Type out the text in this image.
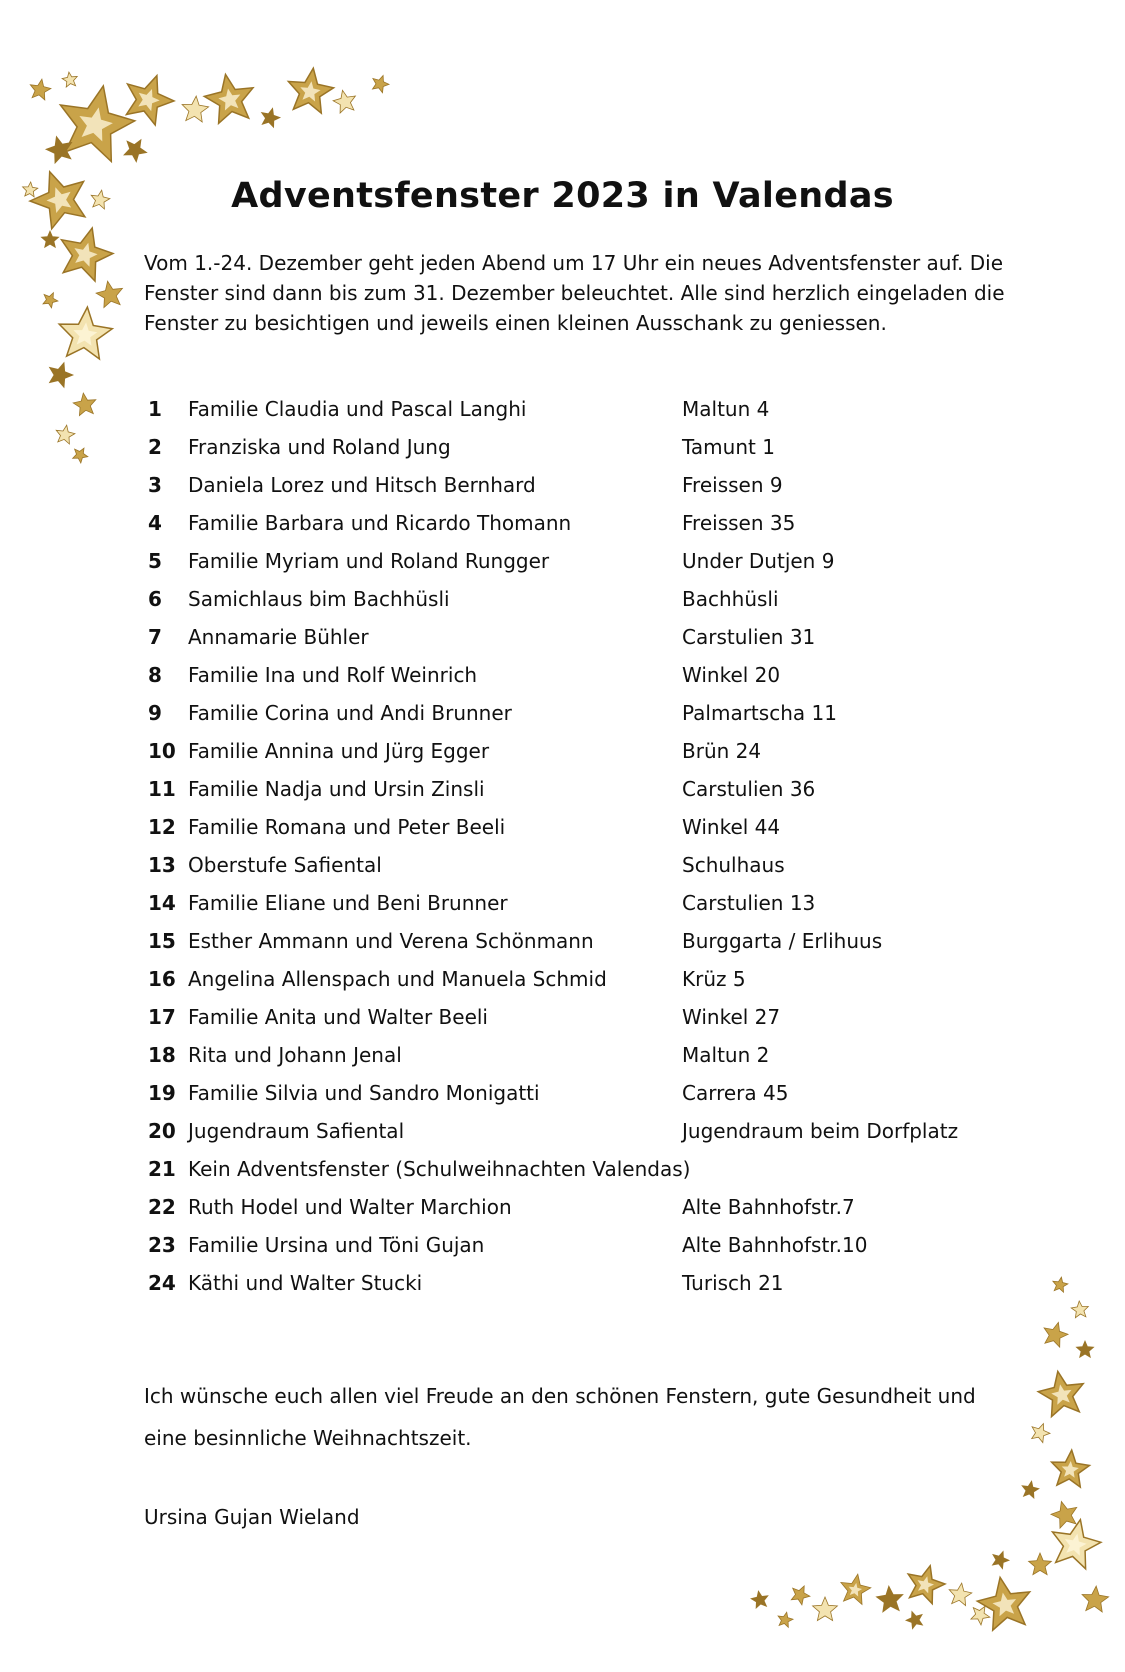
Adventsfenster 2023 in Valendas

Vom 1.-24. Dezember geht jeden Abend um 17 Uhr ein neues Adventsfenster auf. Die Fenster sind dann bis zum 31. Dezember beleuchtet. Alle sind herzlich eingeladen die Fenster zu besichtigen und jeweils einen kleinen Ausschank zu geniessen.

1 Familie Claudia und Pascal Langhi	Maltun 4
2 Franziska und Roland Jung	Tamunt 1
3 Daniela Lorez und Hitsch Bernhard	Freissen 9
4 Familie Barbara und Ricardo Thomann	Freissen 35
5 Familie Myriam und Roland Rungger	Under Dutjen 9
6 Samichlaus bim Bachhüsli	Bachhüsli
7 Annamarie Bühler	Carstulien 31
8 Familie Ina und Rolf Weinrich	Winkel 20
9 Familie Corina und Andi Brunner	Palmartscha 11
10 Familie Annina und Jürg Egger	Brün 24
11 Familie Nadja und Ursin Zinsli	Carstulien 36
12 Familie Romana und Peter Beeli	Winkel 44
13 Oberstufe Safiental	Schulhaus
14 Familie Eliane und Beni Brunner	Carstulien 13
15 Esther Ammann und Verena Schönmann	Burggarta / Erlihuus
16 Angelina Allenspach und Manuela Schmid	Krüz 5
17 Familie Anita und Walter Beeli	Winkel 27
18 Rita und Johann Jenal	Maltun 2
19 Familie Silvia und Sandro Monigatti	Carrera 45
20 Jugendraum Safiental	Jugendraum beim Dorfplatz
21 Kein Adventsfenster (Schulweihnachten Valendas)
22 Ruth Hodel und Walter Marchion	Alte Bahnhofstr.7
23 Familie Ursina und Töni Gujan	Alte Bahnhofstr.10
24 Käthi und Walter Stucki	Turisch 21

Ich wünsche euch allen viel Freude an den schönen Fenstern, gute Gesundheit und eine besinnliche Weihnachtszeit.

Ursina Gujan Wieland
